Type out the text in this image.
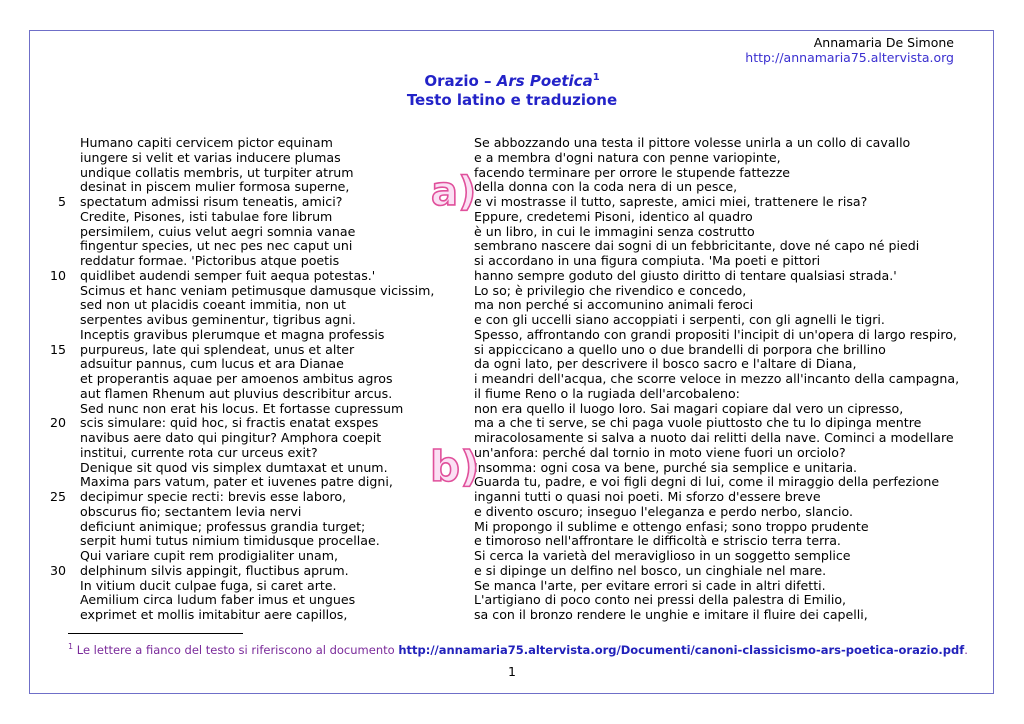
Annamaria De Simone
http://annamaria75.altervista.org
Orazio – Ars Poetica$^1$
Testo latino e traduzione
5
10
15
20
25
30
Humano capiti cervicem pictor equinam
iungere si velit et varias inducere plumas
undique collatis membris, ut turpiter atrum
desinat in piscem mulier formosa superne,
spectatum admissi risum teneatis, amici?
Credite, Pisones, isti tabulae fore librum
persimilem, cuius velut aegri somnia vanae
fingentur species, ut nec pes nec caput uni
reddatur formae. 'Pictoribus atque poetis
quidlibet audendi semper fuit aequa potestas.'
Scimus et hanc veniam petimusque damusque vicissim,
sed non ut placidis coeant immitia, non ut
serpentes avibus geminentur, tigribus agni.
Inceptis gravibus plerumque et magna professis
purpureus, late qui splendeat, unus et alter
adsuitur pannus, cum lucus et ara Dianae
et properantis aquae per amoenos ambitus agros
aut flamen Rhenum aut pluvius describitur arcus.
Sed nunc non erat his locus. Et fortasse cupressum
scis simulare: quid hoc, si fractis enatat exspes
navibus aere dato qui pingitur? Amphora coepit
institui, currente rota cur urceus exit?
Denique sit quod vis simplex dumtaxat et unum.
Maxima pars vatum, pater et iuvenes patre digni,
decipimur specie recti: brevis esse laboro,
obscurus fio; sectantem levia nervi
deficiunt animique; professus grandia turget;
serpit humi tutus nimium timidusque procellae.
Qui variare cupit rem prodigialiter unam,
delphinum silvis appingit, fluctibus aprum.
In vitium ducit culpae fuga, si caret arte.
Aemilium circa ludum faber imus et ungues
exprimet et mollis imitabitur aere capillos,
Se abbozzando una testa il pittore volesse unirla a un collo di cavallo
e a membra d'ogni natura con penne variopinte,
facendo terminare per orrore le stupende fattezze
della donna con la coda nera di un pesce,
e vi mostrasse il tutto, sapreste, amici miei, trattenere le risa?
Eppure, credetemi Pisoni, identico al quadro
è un libro, in cui le immagini senza costrutto
sembrano nascere dai sogni di un febbricitante, dove né capo né piedi
si accordano in una figura compiuta. 'Ma poeti e pittori
hanno sempre goduto del giusto diritto di tentare qualsiasi strada.'
Lo so; è privilegio che rivendico e concedo,
ma non perché si accomunino animali feroci
e con gli uccelli siano accoppiati i serpenti, con gli agnelli le tigri.
Spesso, affrontando con grandi propositi l'incipit di un'opera di largo respiro,
si appiccicano a quello uno o due brandelli di porpora che brillino
da ogni lato, per descrivere il bosco sacro e l'altare di Diana,
i meandri dell'acqua, che scorre veloce in mezzo all'incanto della campagna,
il fiume Reno o la rugiada dell'arcobaleno:
non era quello il luogo loro. Sai magari copiare dal vero un cipresso,
ma a che ti serve, se chi paga vuole piuttosto che tu lo dipinga mentre
miracolosamente si salva a nuoto dai relitti della nave. Cominci a modellare
un'anfora: perché dal tornio in moto viene fuori un orciolo?
Insomma: ogni cosa va bene, purché sia semplice e unitaria.
Guarda tu, padre, e voi figli degni di lui, come il miraggio della perfezione
inganni tutti o quasi noi poeti. Mi sforzo d'essere breve
e divento oscuro; inseguo l'eleganza e perdo nerbo, slancio.
Mi propongo il sublime e ottengo enfasi; sono troppo prudente
e timoroso nell'affrontare le difficoltà e striscio terra terra.
Si cerca la varietà del meraviglioso in un soggetto semplice
e si dipinge un delfino nel bosco, un cinghiale nel mare.
Se manca l'arte, per evitare errori si cade in altri difetti.
L'artigiano di poco conto nei pressi della palestra di Emilio,
sa con il bronzo rendere le unghie e imitare il fluire dei capelli,
a)
b)
$^1$ Le lettere a fianco del testo si riferiscono al documento http://annamaria75.altervista.org/Documenti/canoni-classicismo-ars-poetica-orazio.pdf.
1
